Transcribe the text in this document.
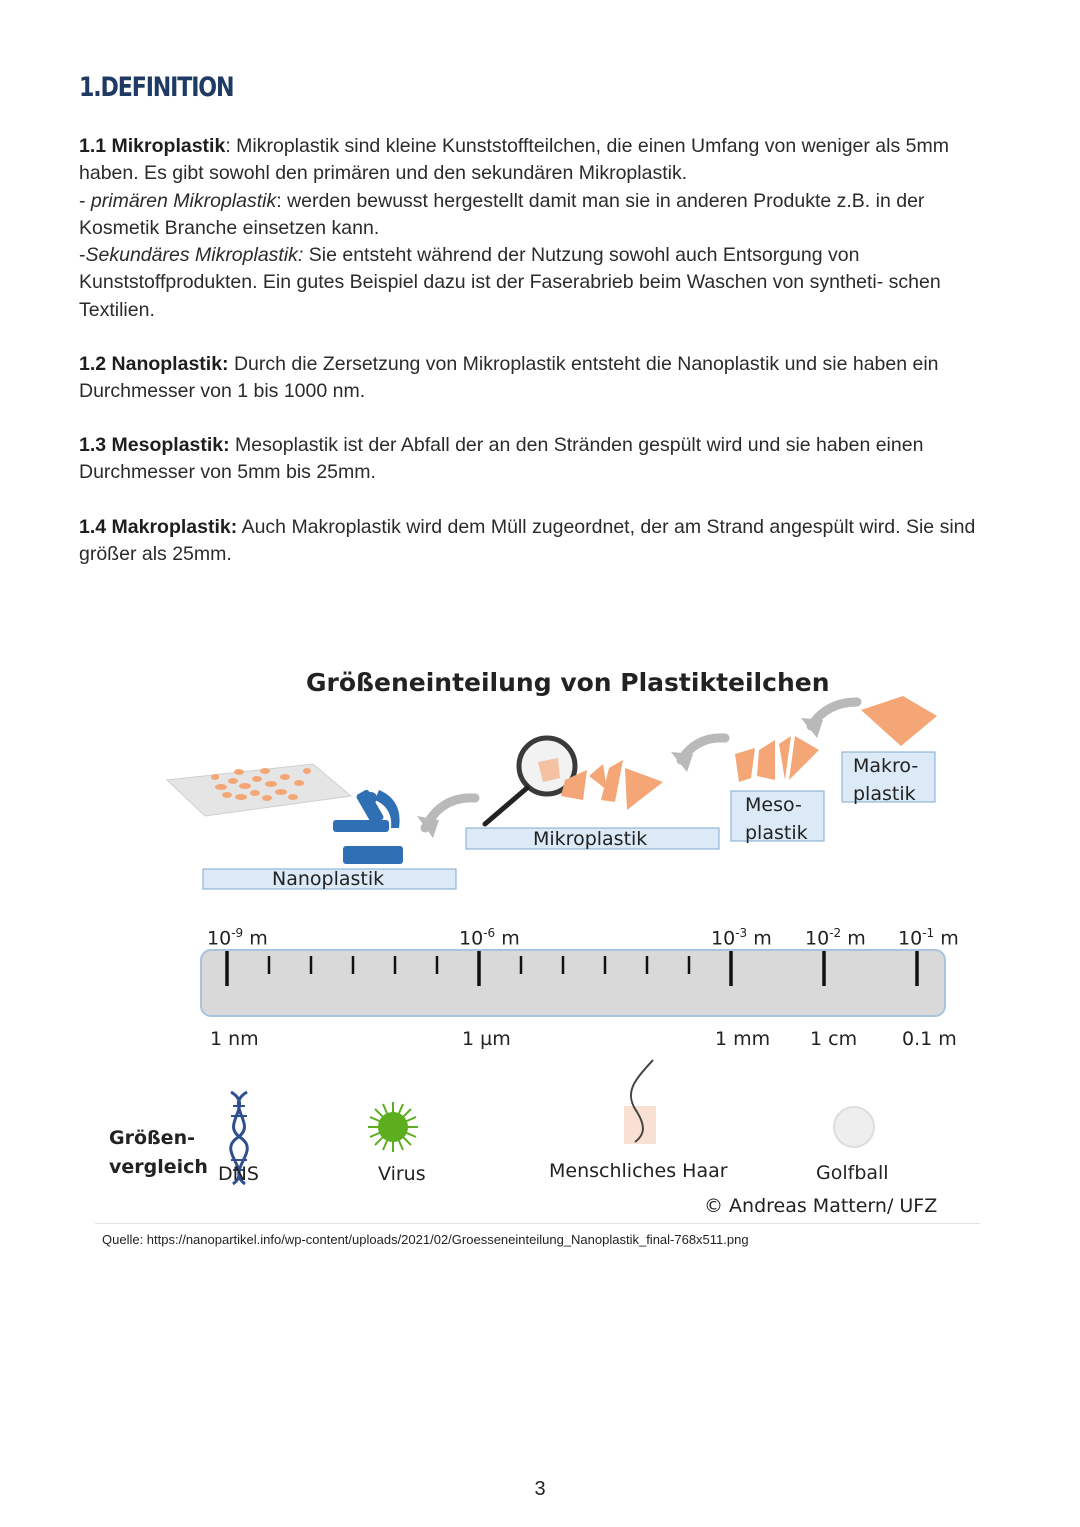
1.DEFINITION

1.1 Mikroplastik: Mikroplastik sind kleine Kunststoffteilchen, die einen Umfang von weniger als 5mm haben. Es gibt sowohl den primären und den sekundären Mikroplastik.
- primären Mikroplastik: werden bewusst hergestellt damit man sie in anderen Produkte z.B. in der Kosmetik Branche einsetzen kann.
-Sekundäres Mikroplastik: Sie entsteht während der Nutzung sowohl auch Entsorgung von Kunststoffprodukten. Ein gutes Beispiel dazu ist der Faserabrieb beim Waschen von syntheti- schen Textilien.

1.2 Nanoplastik: Durch die Zersetzung von Mikroplastik entsteht die Nanoplastik und sie haben ein Durchmesser von 1 bis 1000 nm.

1.3 Mesoplastik: Mesoplastik ist der Abfall der an den Stränden gespült wird und sie haben einen Durchmesser von 5mm bis 25mm.

1.4 Makroplastik: Auch Makroplastik wird dem Müll zugeordnet, der am Strand angespült wird. Sie sind größer als 25mm.

Größeneinteilung von Plastikteilchen
Nanoplastik
Mikroplastik
Meso-
plastik
Makro-
plastik
$10^{-9}$ m	$10^{-6}$ m	$10^{-3}$ m $10^{-2}$ m $10^{-1}$ m
1 nm	1 µm	1 mm 1 cm 0.1 m
Größen-
vergleich DNS	Virus	Menschliches Haar	Golfball
© Andreas Mattern/ UFZ
Quelle: https://nanopartikel.info/wp-content/uploads/2021/02/Groesseneinteilung_Nanoplastik_final-768x511.png
3
